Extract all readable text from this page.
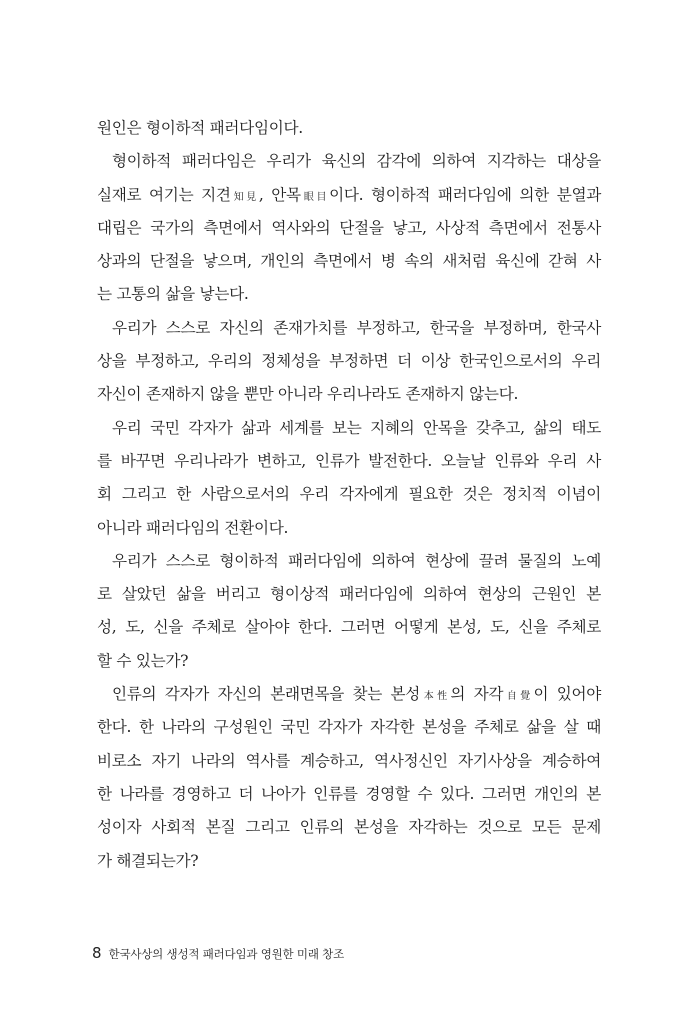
원인은 형이하적 패러다임이다.
형이하적 패러다임은 우리가 육신의 감각에 의하여 지각하는 대상을
실재로 여기는 지견知見, 안목眼目이다. 형이하적 패러다임에 의한 분열과
대립은 국가의 측면에서 역사와의 단절을 낳고, 사상적 측면에서 전통사
상과의 단절을 낳으며, 개인의 측면에서 병 속의 새처럼 육신에 갇혀 사
는 고통의 삶을 낳는다.
우리가 스스로 자신의 존재가치를 부정하고, 한국을 부정하며, 한국사
상을 부정하고, 우리의 정체성을 부정하면 더 이상 한국인으로서의 우리
자신이 존재하지 않을 뿐만 아니라 우리나라도 존재하지 않는다.
우리 국민 각자가 삶과 세계를 보는 지혜의 안목을 갖추고, 삶의 태도
를 바꾸면 우리나라가 변하고, 인류가 발전한다. 오늘날 인류와 우리 사
회 그리고 한 사람으로서의 우리 각자에게 필요한 것은 정치적 이념이
아니라 패러다임의 전환이다.
우리가 스스로 형이하적 패러다임에 의하여 현상에 끌려 물질의 노예
로 살았던 삶을 버리고 형이상적 패러다임에 의하여 현상의 근원인 본
성, 도, 신을 주체로 살아야 한다. 그러면 어떻게 본성, 도, 신을 주체로
할 수 있는가?
인류의 각자가 자신의 본래면목을 찾는 본성本性의 자각自覺이 있어야
한다. 한 나라의 구성원인 국민 각자가 자각한 본성을 주체로 삶을 살 때
비로소 자기 나라의 역사를 계승하고, 역사정신인 자기사상을 계승하여
한 나라를 경영하고 더 나아가 인류를 경영할 수 있다. 그러면 개인의 본
성이자 사회적 본질 그리고 인류의 본성을 자각하는 것으로 모든 문제
가 해결되는가?
8 한국사상의 생성적 패러다임과 영원한 미래 창조
